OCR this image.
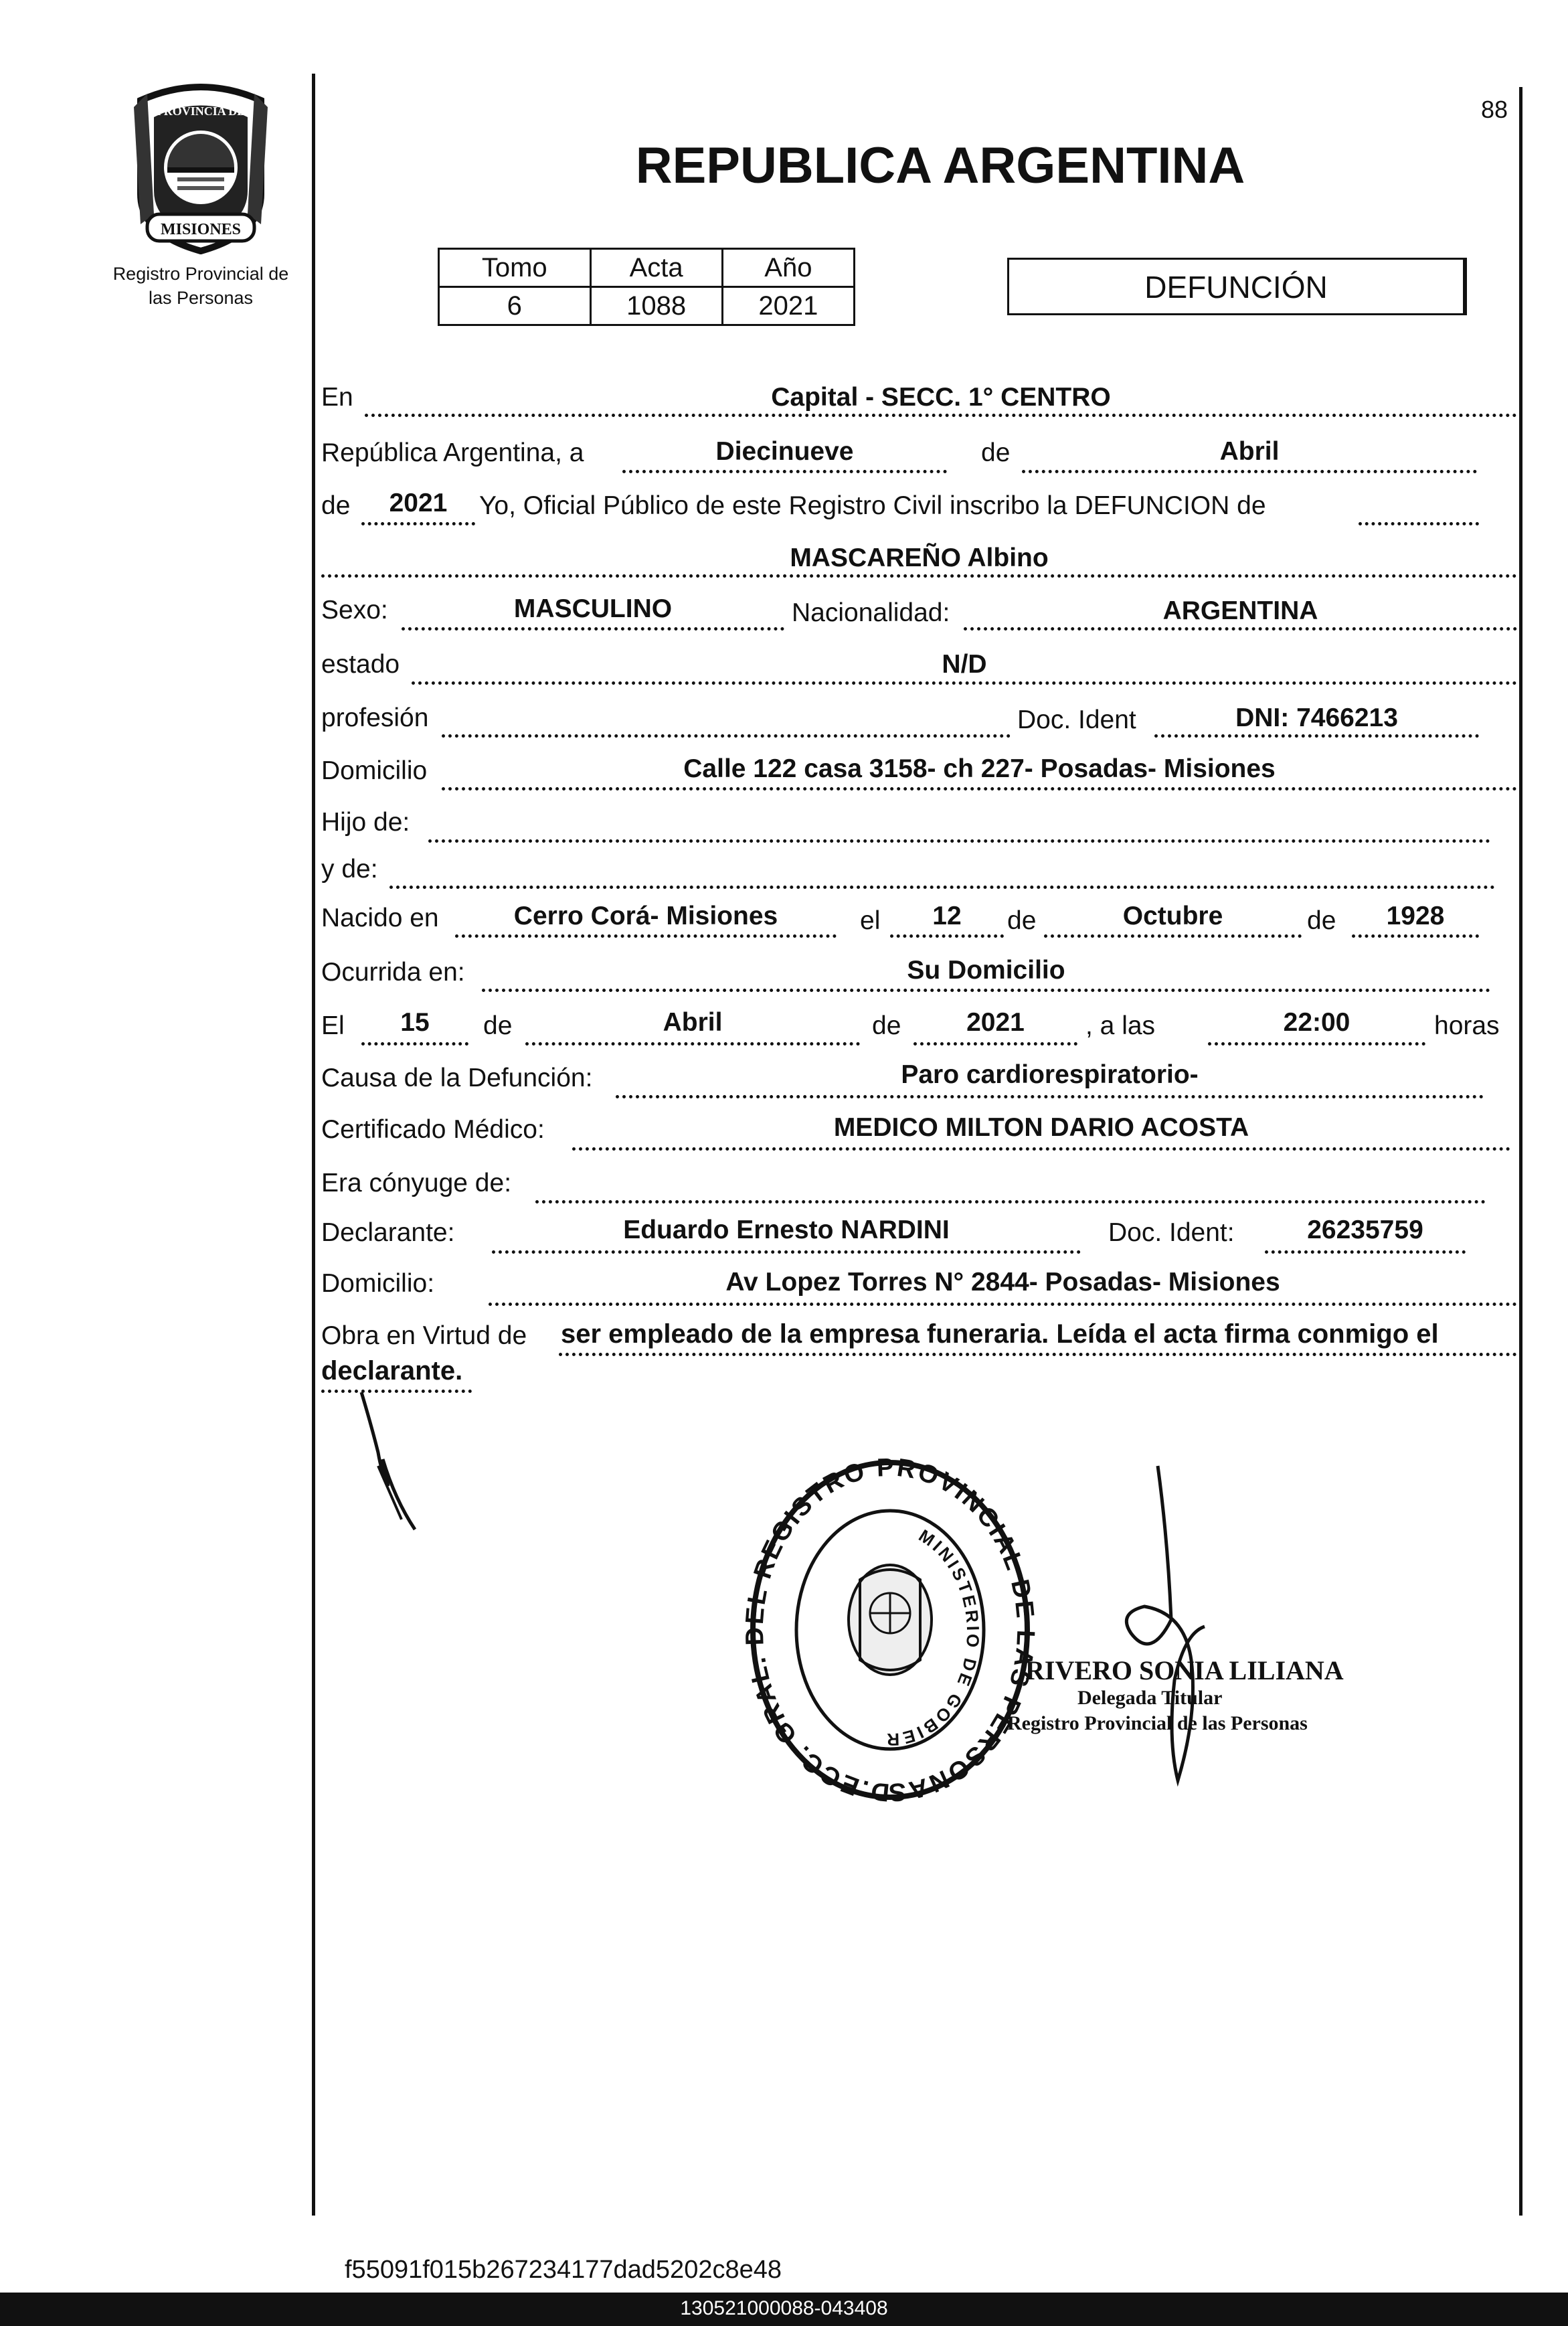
MISIONES
PROVINCIA DE
Registro Provincial de
las Personas
88
REPUBLICA ARGENTINA
Tomo	Acta	Año
6	1088	2021
DEFUNCIÓN
En	Capital - SECC. 1° CENTRO
República Argentina, a	Diecinueve	de	Abril
de	2021	Yo, Oficial Público de este Registro Civil inscribo la DEFUNCION de
MASCAREÑO Albino
Sexo:	MASCULINO	Nacionalidad:	ARGENTINA
estado	N/D
profesión	Doc. Ident	DNI: 7466213
Domicilio	Calle 122 casa 3158- ch 227- Posadas- Misiones
Hijo de:
y de:
Nacido en	Cerro Corá- Misiones	el	12	de	Octubre	de	1928
Ocurrida en:	Su Domicilio
El	15	de	Abril	de	2021	, a las	22:00	horas
Causa de la Defunción:	Paro cardiorespiratorio-
Certificado Médico:	MEDICO MILTON DARIO ACOSTA
Era cónyuge de:
Declarante:	Eduardo Ernesto NARDINI	Doc. Ident:	26235759
Domicilio:	Av Lopez Torres N° 2844- Posadas- Misiones
Obra en Virtud de ser empleado de la empresa funeraria. Leída el acta firma conmigo el
declarante.
D.ECC. GRAL. DEL REGISTRO PROVINCIAL DE LAS PERSONAS
MINISTERIO DE GOBIER
RIVERO SONIA LILIANA
Delegada Titular
Registro Provincial de las Personas
f55091f015b267234177dad5202c8e48
130521000088-043408
